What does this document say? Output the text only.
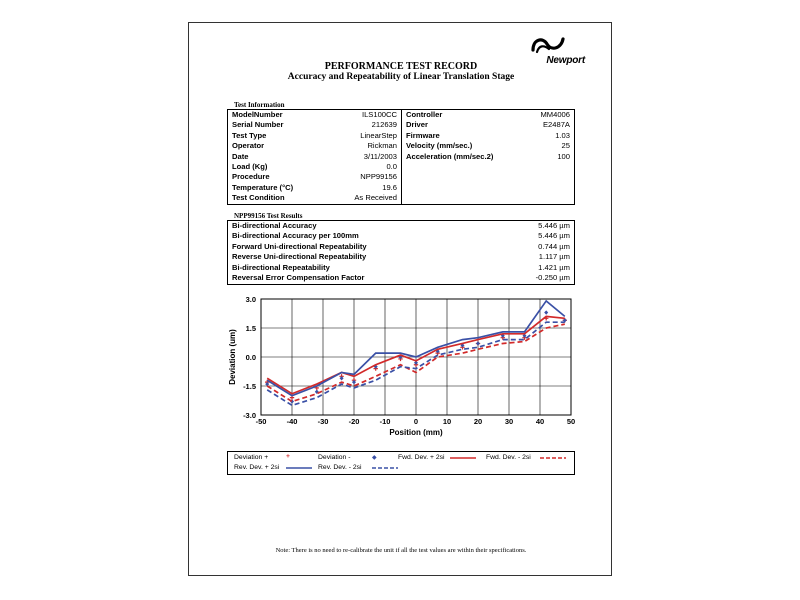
Newport
PERFORMANCE TEST RECORD
Accuracy and Repeatability of Linear Translation Stage
Test Information
ModelNumber	ILS100CC
Serial Number	212639
Test Type	LinearStep
Operator	Rickman
Date	3/11/2003
Load (Kg)	0.0
Procedure	NPP99156
Temperature (°C)	19.6
Test Condition	As Received
Controller	MM4006
Driver	E2487A
Firmware	1.03
Velocity (mm/sec.)	25
Acceleration (mm/sec.2)	100
NPP99156 Test Results
Bi-directional Accuracy	5.446 µm
Bi-directional Accuracy per 100mm	5.446 µm
Forward Uni-directional Repeatability	0.744 µm
Reverse Uni-directional Repeatability	1.117 µm
Bi-directional Repeatability	1.421 µm
Reversal Error Compensation Factor	-0.250 µm
-50	-40	-30	-20	-10	0	10	20	30	40	50
3.0
1.5
0.0
-1.5
-3.0
Position (mm)
Deviation (um)
Deviation +	+	Deviation -	◆	Fwd. Dev. + 2si	Fwd. Dev. - 2si
Rev. Dev. + 2si	Rev. Dev. - 2si
Note: There is no need to re-calibrate the unit if all the test values are within their specifications.
